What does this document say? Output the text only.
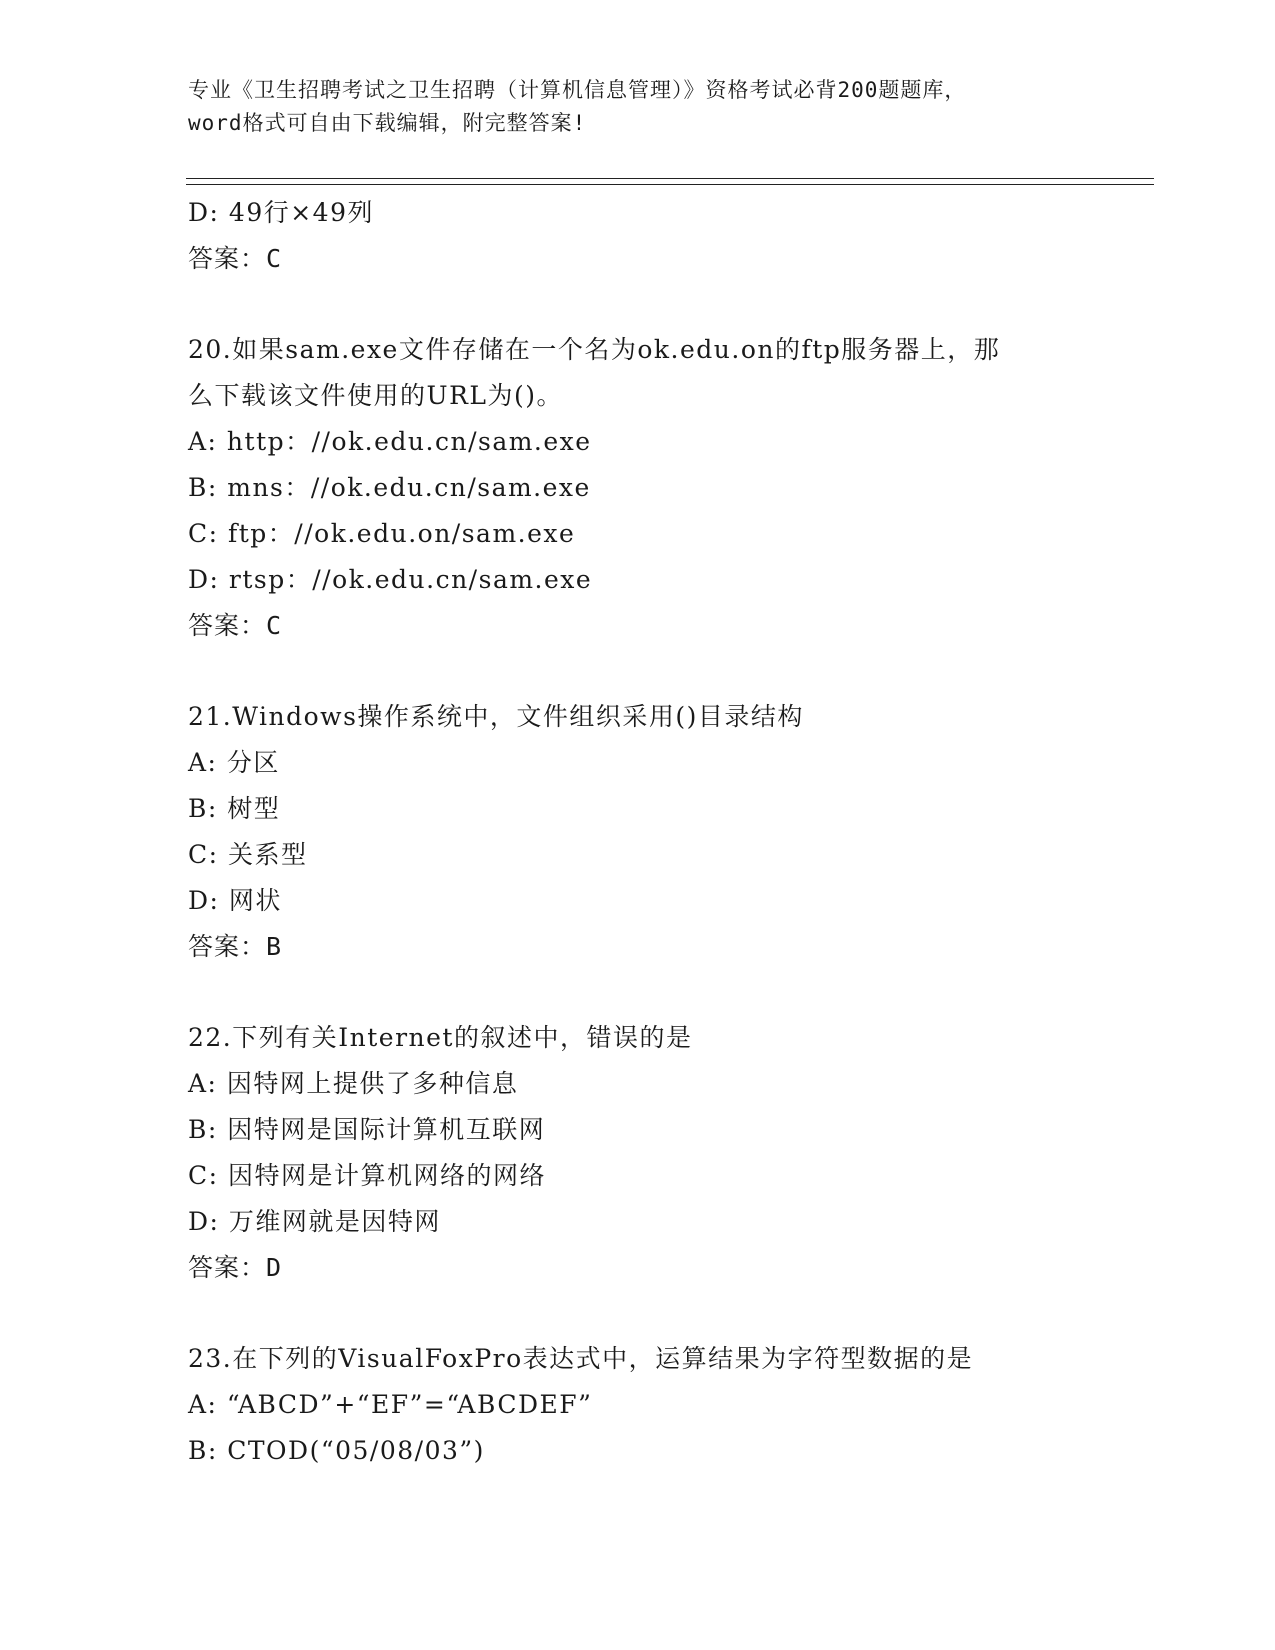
专业《卫生招聘考试之卫生招聘（计算机信息管理）》资格考试必背200题题库，
word格式可自由下载编辑，附完整答案!
D: 49行×49列
答案：C
20.如果sam.exe文件存储在一个名为ok.edu.on的ftp服务器上，那
么下载该文件使用的URL为()。
A: http：//ok.edu.cn/sam.exe
B: mns：//ok.edu.cn/sam.exe
C: ftp：//ok.edu.on/sam.exe
D: rtsp：//ok.edu.cn/sam.exe
答案：C
21.Windows操作系统中，文件组织采用()目录结构
A: 分区
B: 树型
C: 关系型
D: 网状
答案：B
22.下列有关Internet的叙述中，错误的是
A: 因特网上提供了多种信息
B: 因特网是国际计算机互联网
C: 因特网是计算机网络的网络
D: 万维网就是因特网
答案：D
23.在下列的VisualFoxPro表达式中，运算结果为字符型数据的是
A: “ABCD”+“EF”=“ABCDEF”
B: CTOD(“05/08/03”)
